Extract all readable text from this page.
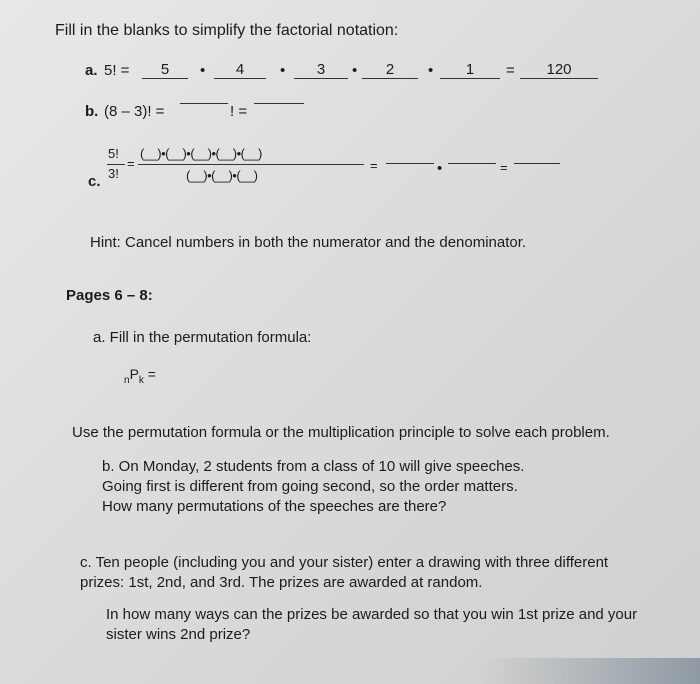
Fill in the blanks to simplify the factorial notation:
a. 5! =	5	•	4	•	3	•	2	•	1	=	120
b. (8 – 3)! =	! =
c.
5!
3!
=
(__)•(__)•(__)•(__)•(__)
(__)•(__)•(__)
=	•	=
Hint: Cancel numbers in both the numerator and the denominator.
Pages 6 – 8:
a. Fill in the permutation formula:
$_nP_k$ =
Use the permutation formula or the multiplication principle to solve each problem.
b. On Monday, 2 students from a class of 10 will give speeches.
Going first is different from going second, so the order matters.
How many permutations of the speeches are there?
c. Ten people (including you and your sister) enter a drawing with three different
prizes: 1st, 2nd, and 3rd. The prizes are awarded at random.
In how many ways can the prizes be awarded so that you win 1st prize and your
sister wins 2nd prize?
